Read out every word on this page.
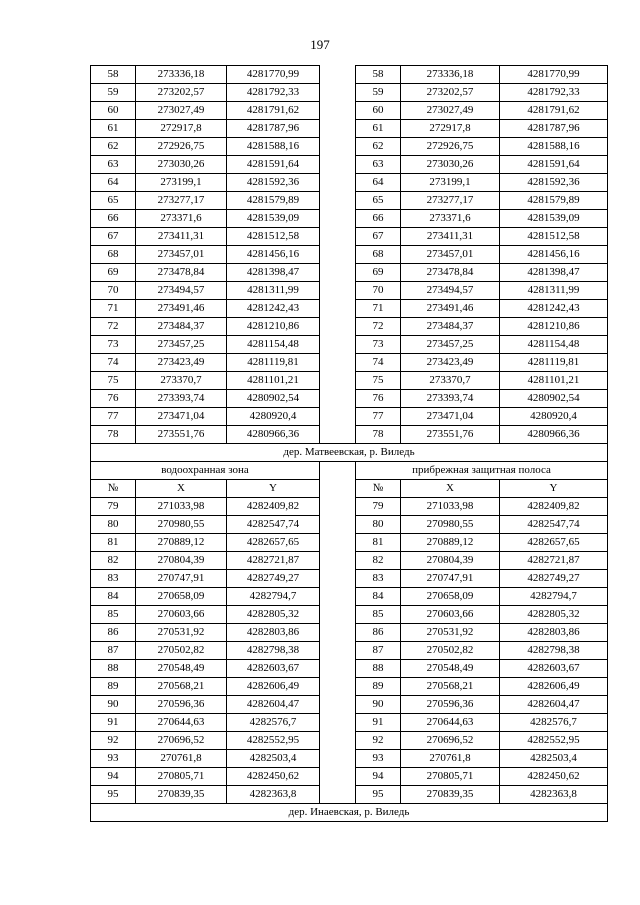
197
58	273336,18	4281770,99		58	273336,18	4281770,99
59	273202,57	4281792,33		59	273202,57	4281792,33
60	273027,49	4281791,62		60	273027,49	4281791,62
61	272917,8	4281787,96		61	272917,8	4281787,96
62	272926,75	4281588,16		62	272926,75	4281588,16
63	273030,26	4281591,64		63	273030,26	4281591,64
64	273199,1	4281592,36		64	273199,1	4281592,36
65	273277,17	4281579,89		65	273277,17	4281579,89
66	273371,6	4281539,09		66	273371,6	4281539,09
67	273411,31	4281512,58		67	273411,31	4281512,58
68	273457,01	4281456,16		68	273457,01	4281456,16
69	273478,84	4281398,47		69	273478,84	4281398,47
70	273494,57	4281311,99		70	273494,57	4281311,99
71	273491,46	4281242,43		71	273491,46	4281242,43
72	273484,37	4281210,86		72	273484,37	4281210,86
73	273457,25	4281154,48		73	273457,25	4281154,48
74	273423,49	4281119,81		74	273423,49	4281119,81
75	273370,7	4281101,21		75	273370,7	4281101,21
76	273393,74	4280902,54		76	273393,74	4280902,54
77	273471,04	4280920,4		77	273471,04	4280920,4
78	273551,76	4280966,36		78	273551,76	4280966,36
дер. Матвеевская, р. Виледь						
водоохранная зона				прибрежная защитная полоса		
№	X	Y		№	X	Y
79	271033,98	4282409,82		79	271033,98	4282409,82
80	270980,55	4282547,74		80	270980,55	4282547,74
81	270889,12	4282657,65		81	270889,12	4282657,65
82	270804,39	4282721,87		82	270804,39	4282721,87
83	270747,91	4282749,27		83	270747,91	4282749,27
84	270658,09	4282794,7		84	270658,09	4282794,7
85	270603,66	4282805,32		85	270603,66	4282805,32
86	270531,92	4282803,86		86	270531,92	4282803,86
87	270502,82	4282798,38		87	270502,82	4282798,38
88	270548,49	4282603,67		88	270548,49	4282603,67
89	270568,21	4282606,49		89	270568,21	4282606,49
90	270596,36	4282604,47		90	270596,36	4282604,47
91	270644,63	4282576,7		91	270644,63	4282576,7
92	270696,52	4282552,95		92	270696,52	4282552,95
93	270761,8	4282503,4		93	270761,8	4282503,4
94	270805,71	4282450,62		94	270805,71	4282450,62
95	270839,35	4282363,8		95	270839,35	4282363,8
дер. Инаевская, р. Виледь						
